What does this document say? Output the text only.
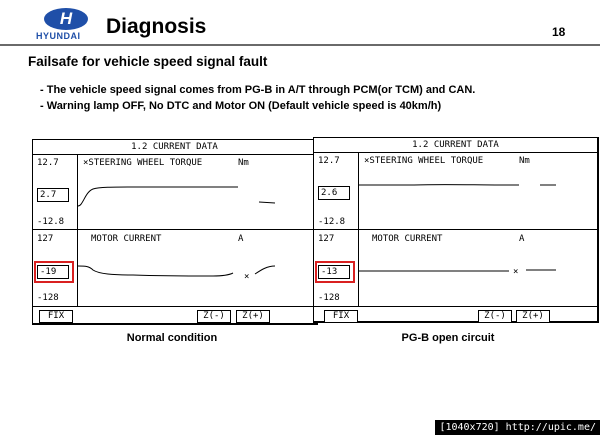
H
HYUNDAI	Diagnosis	18
Failsafe for vehicle speed signal fault
- The vehicle speed signal comes from PG-B in A/T through PCM(or TCM) and CAN.
- Warning lamp OFF, No DTC and Motor ON (Default vehicle speed is 40km/h)
1.2 CURRENT DATA
12.7	×STEERING WHEEL TORQUE	Nm
2.7
-12.8
127	MOTOR CURRENT	A
-19
-128
×
FIX	Z(-)	Z(+)
Normal condition
1.2 CURRENT DATA
12.7	×STEERING WHEEL TORQUE	Nm
2.6
-12.8
127	MOTOR CURRENT	A
-13
-128
×
FIX	Z(-)	Z(+)
PG-B open circuit
[1040x720] http://upic.me/
